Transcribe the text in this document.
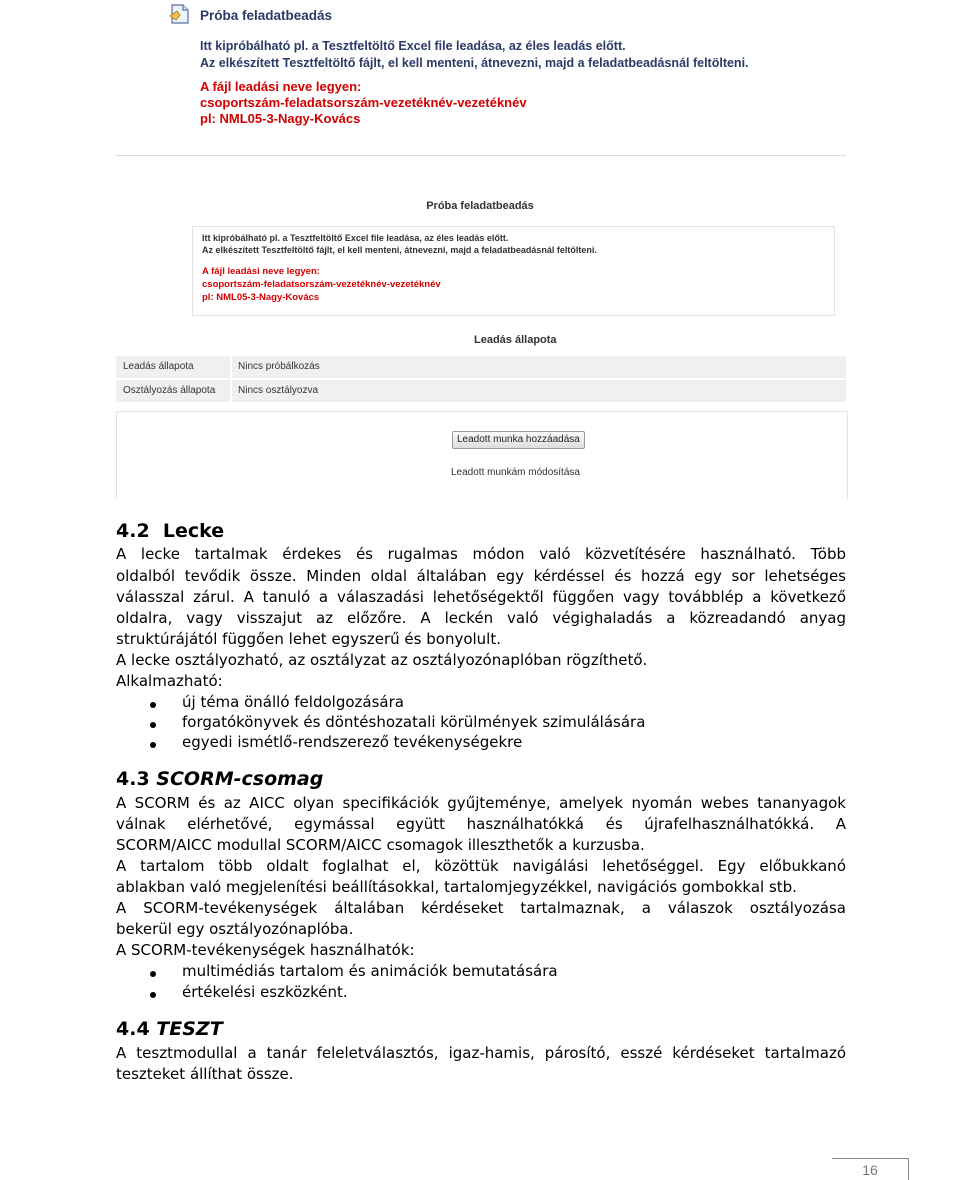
Próba feladatbeadás
Itt kipróbálható pl. a Tesztfeltöltő Excel file leadása, az éles leadás előtt.
Az elkészített Tesztfeltöltő fájlt, el kell menteni, átnevezni, majd a feladatbeadásnál feltölteni.
A fájl leadási neve legyen:
csoportszám-feladatsorszám-vezetéknév-vezetéknév
pl: NML05-3-Nagy-Kovács
Próba feladatbeadás
Itt kipróbálható pl. a Tesztfeltöltő Excel file leadása, az éles leadás előtt.
Az elkészített Tesztfeltöltő fájlt, el kell menteni, átnevezni, majd a feladatbeadásnál feltölteni.
A fájl leadási neve legyen:
csoportszám-feladatsorszám-vezetéknév-vezetéknév
pl: NML05-3-Nagy-Kovács
Leadás állapota
Leadás állapota	Nincs próbálkozás
Osztályozás állapota	Nincs osztályozva
Leadott munka hozzáadása
Leadott munkám módosítása
4.2 Lecke
A lecke tartalmak érdekes és rugalmas módon való közvetítésére használható. Több
oldalból tevődik össze. Minden oldal általában egy kérdéssel és hozzá egy sor lehetséges
válasszal zárul. A tanuló a válaszadási lehetőségektől függően vagy továbblép a következő
oldalra, vagy visszajut az előzőre. A leckén való végighaladás a közreadandó anyag
struktúrájától függően lehet egyszerű és bonyolult.
A lecke osztályozható, az osztályzat az osztályozónaplóban rögzíthető.
Alkalmazható:
új téma önálló feldolgozására
forgatókönyvek és döntéshozatali körülmények szimulálására
egyedi ismétlő-rendszerező tevékenységekre
4.3 SCORM-csomag
A SCORM és az AICC olyan specifikációk gyűjteménye, amelyek nyomán webes tananyagok
válnak elérhetővé, egymással együtt használhatókká és újrafelhasználhatókká. A
SCORM/AICC modullal SCORM/AICC csomagok illeszthetők a kurzusba.
A tartalom több oldalt foglalhat el, közöttük navigálási lehetőséggel. Egy előbukkanó
ablakban való megjelenítési beállításokkal, tartalomjegyzékkel, navigációs gombokkal stb.
A SCORM-tevékenységek általában kérdéseket tartalmaznak, a válaszok osztályozása
bekerül egy osztályozónaplóba.
A SCORM-tevékenységek használhatók:
multimédiás tartalom és animációk bemutatására
értékelési eszközként.
4.4 TESZT
A tesztmodullal a tanár feleletválasztós, igaz-hamis, párosító, esszé kérdéseket tartalmazó
teszteket állíthat össze.
16
